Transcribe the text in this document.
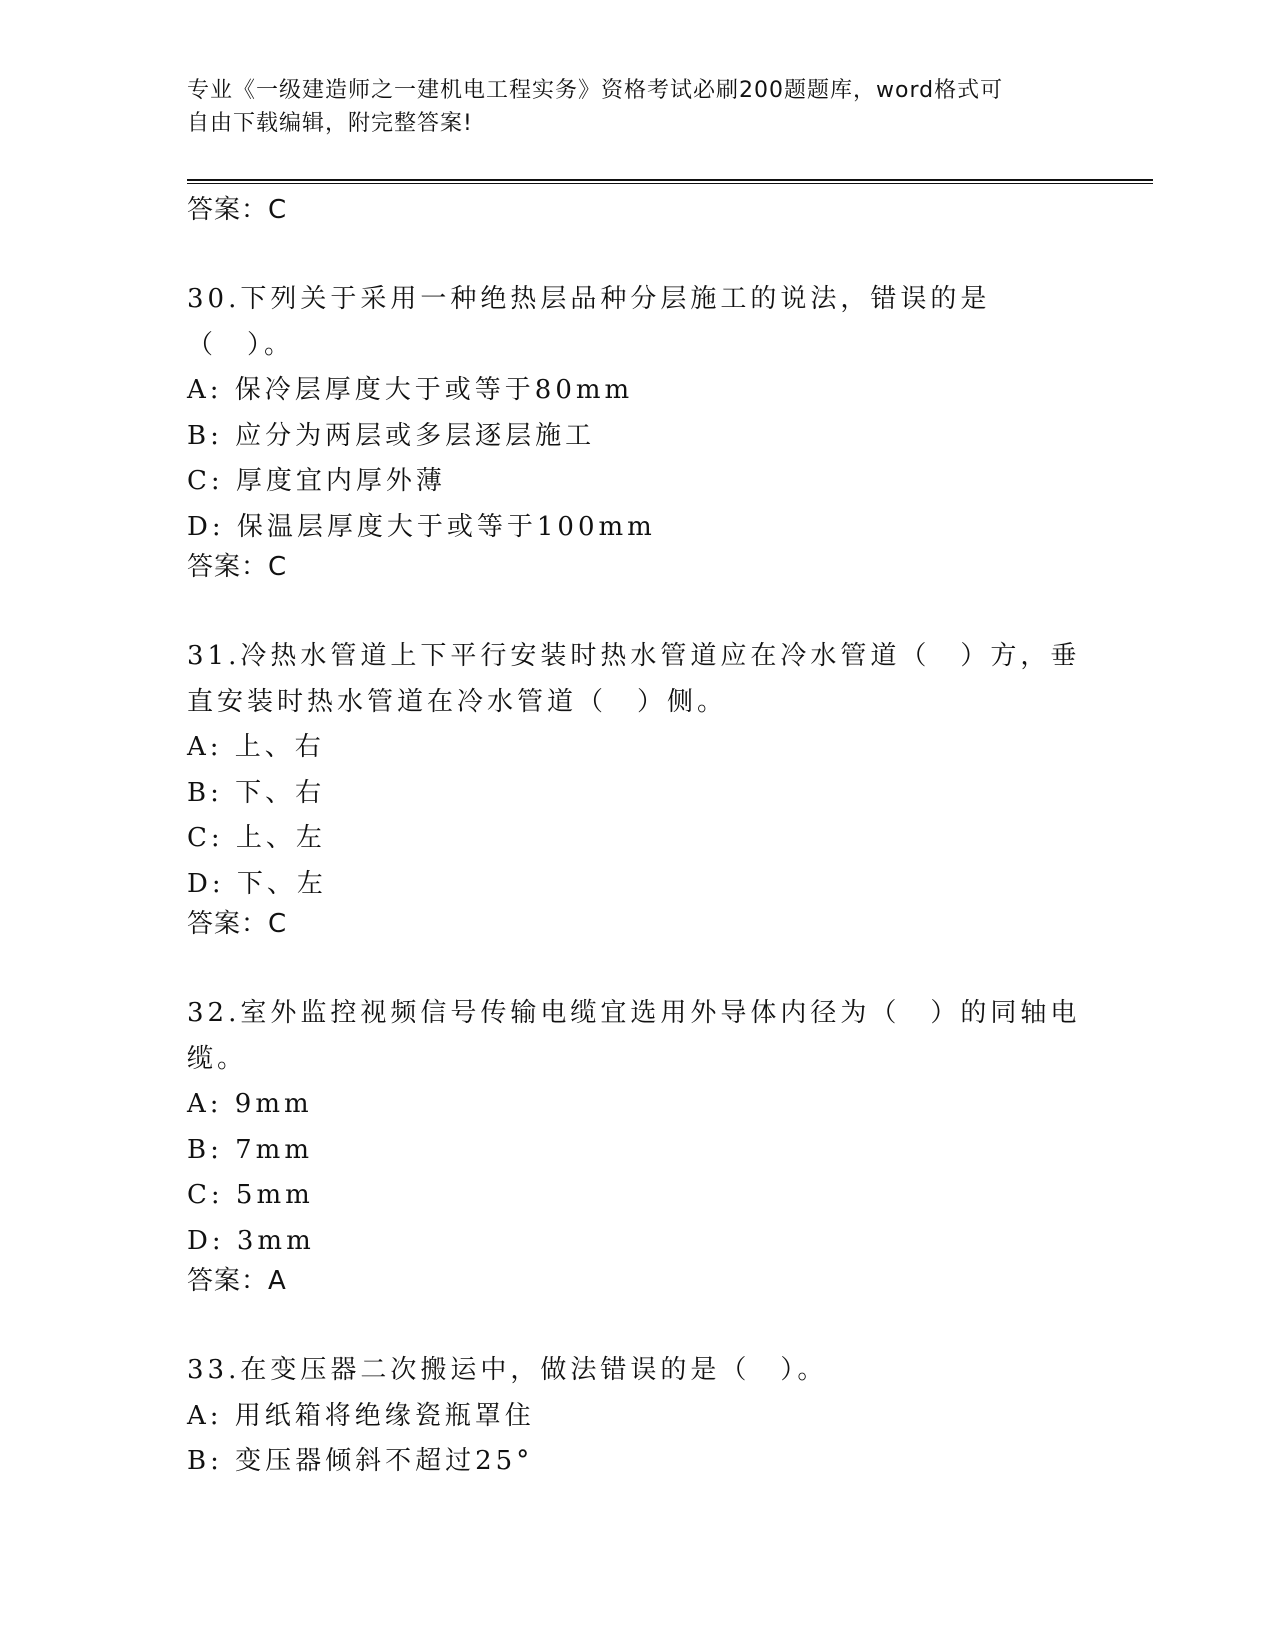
专业《一级建造师之一建机电工程实务》资格考试必刷200题题库，word格式可
自由下载编辑，附完整答案!
答案：C

30.下列关于采用一种绝热层品种分层施工的说法，错误的是（　）。

A: 保冷层厚度大于或等于80mm
B: 应分为两层或多层逐层施工
C: 厚度宜内厚外薄
D: 保温层厚度大于或等于100mm
答案：C

31.冷热水管道上下平行安装时热水管道应在冷水管道（　）方，垂直安装时热水管道在冷水管道（　）侧。

A: 上、右
B: 下、右
C: 上、左
D: 下、左
答案：C

32.室外监控视频信号传输电缆宜选用外导体内径为（　）的同轴电缆。

A: 9mm
B: 7mm
C: 5mm
D: 3mm
答案：A

33.在变压器二次搬运中，做法错误的是（　）。

A: 用纸箱将绝缘瓷瓶罩住
B: 变压器倾斜不超过25°
